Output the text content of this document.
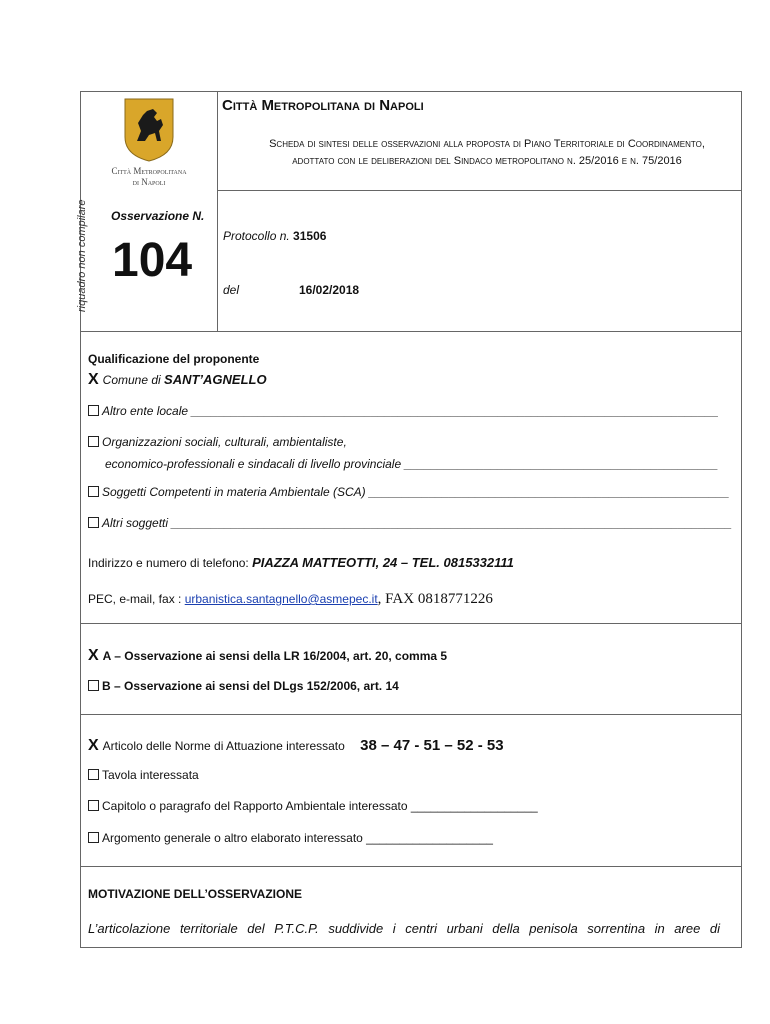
Città Metropolitana
di Napoli
Città Metropolitana di Napoli
Scheda di sintesi delle osservazioni alla proposta di Piano Territoriale di Coordinamento,
adottato con le deliberazioni del Sindaco metropolitano n. 25/2016 e n. 75/2016
riquadro non compilare Osservazione N.
104	Protocollo n. 31506
del	16/02/2018
Qualificazione del proponente
X Comune di SANT’AGNELLO
Altro ente locale _______________________________________________________________________________
Organizzazioni sociali, culturali, ambientaliste,
economico-professionali e sindacali di livello provinciale _______________________________________________
Soggetti Competenti in materia Ambientale (SCA) ______________________________________________________
Altri soggetti ____________________________________________________________________________________
Indirizzo e numero di telefono: PIAZZA MATTEOTTI, 24 – TEL. 0815332111
PEC, e-mail, fax : urbanistica.santagnello@asmepec.it, FAX 0818771226
X A – Osservazione ai sensi della LR 16/2004, art. 20, comma 5
B – Osservazione ai sensi del DLgs 152/2006, art. 14
X Articolo delle Norme di Attuazione interessato 38 – 47 - 51 – 52 - 53
Tavola interessata
Capitolo o paragrafo del Rapporto Ambientale interessato ___________________
Argomento generale o altro elaborato interessato ___________________
MOTIVAZIONE DELL’OSSERVAZIONE
L’articolazione territoriale del P.T.C.P. suddivide i centri urbani della penisola sorrentina in aree di
